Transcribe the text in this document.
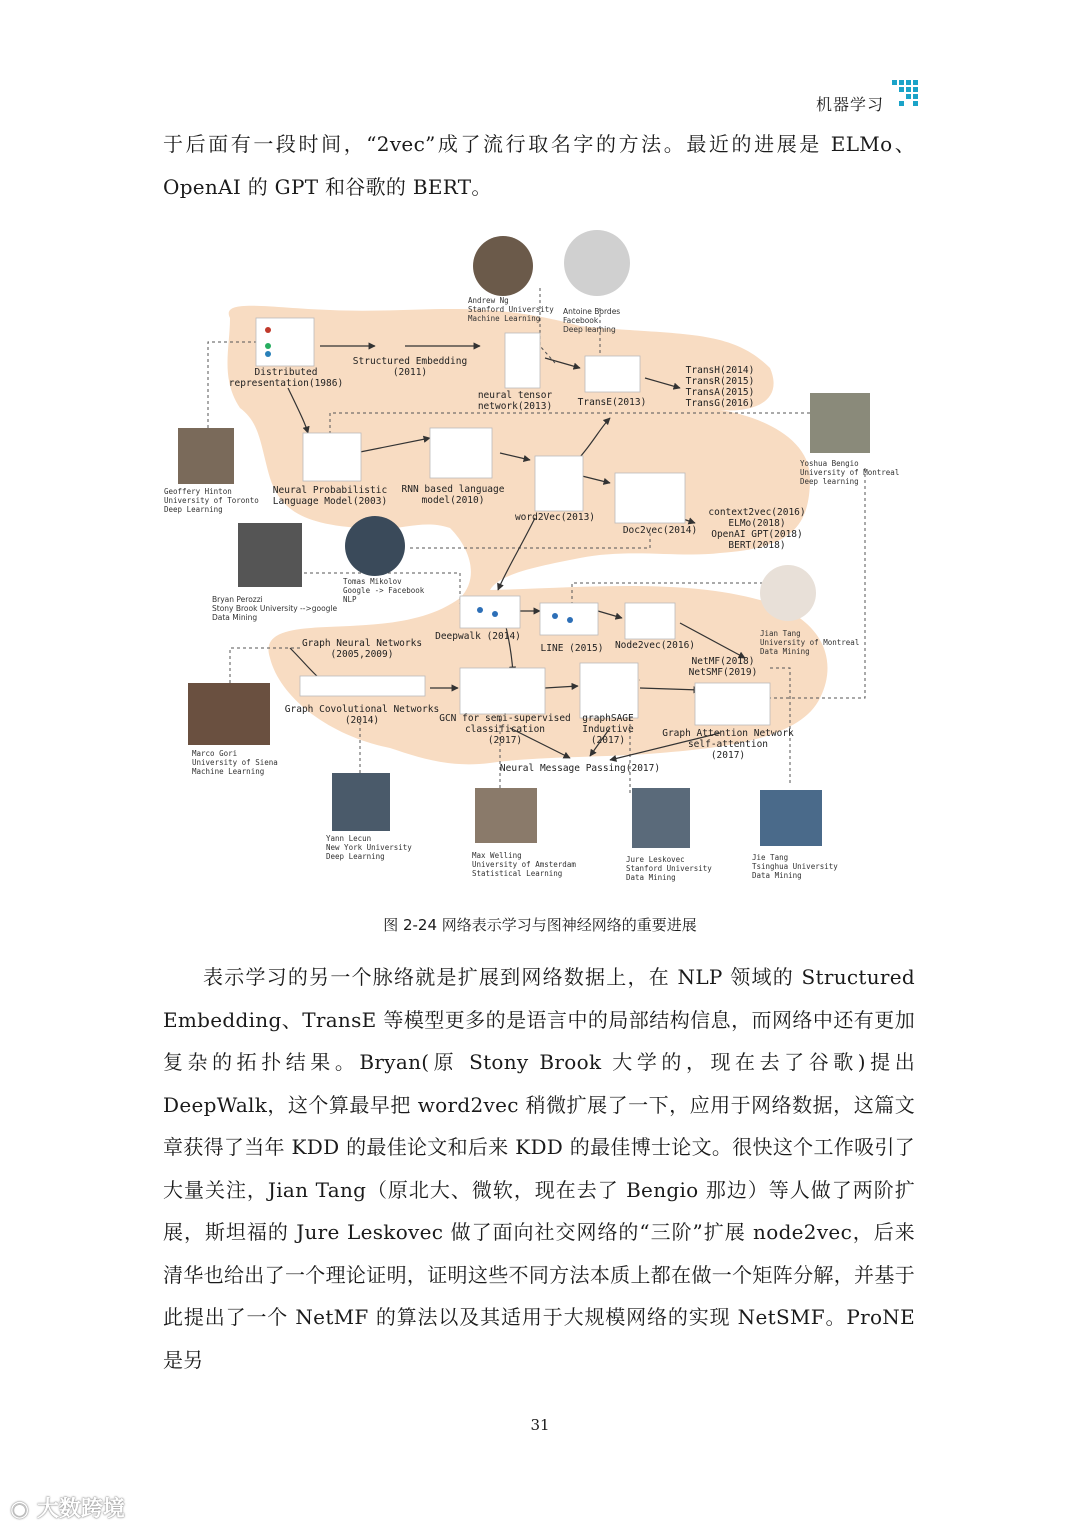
机器学习
于后面有一段时间，“2vec”成了流行取名字的方法。最近的进展是 ELMo、OpenAI 的 GPT 和谷歌的 BERT。
Distributed representation(1986)
Structured Embedding (2011)
neural tensor network(2013)	TransE(2013)
TransH(2014) TransR(2015) TransA(2015) TransG(2016)
Neural Probabilistic Language Model(2003)
RNN based language model(2010)
word2Vec(2013)
Doc2vec(2014)
context2vec(2016) ELMo(2018) OpenAI GPT(2018) BERT(2018)
Deepwalk (2014)
LINE (2015) Node2vec(2016)
NetMF(2018) NetSMF(2019)
Graph Neural Networks (2005,2009)
Graph Covolutional Networks (2014)	GCN for semi-supervised classification (2017)
graphSAGE Inductive (2017)
Graph Attention Network self-attention (2017)
Neural Message Passing(2017)
Andrew Ng Stanford University Machine Learning
Antoine Bordes Facebook Deep learning
Geoffery Hinton University of Toronto Deep Learning
Yoshua Bengio University of Montreal Deep learning
Bryan Perozzi Stony Brook University -->google Data Mining
Tomas Mikolov Google -> Facebook NLP
Jian Tang University of Montreal Data Mining
Marco Gori University of Siena Machine Learning
Yann Lecun New York University Deep Learning	Max Welling University of Amsterdam Statistical Learning
Jure Leskovec Stanford University Data Mining
Jie Tang Tsinghua University Data Mining
图 2-24 网络表示学习与图神经网络的重要进展
表示学习的另一个脉络就是扩展到网络数据上，在 NLP 领域的 Structured Embedding、TransE 等模型更多的是语言中的局部结构信息，而网络中还有更加复杂的拓扑结果。Bryan(原 Stony Brook 大学的，现在去了谷歌)提出 DeepWalk，这个算最早把 word2vec 稍微扩展了一下，应用于网络数据，这篇文章获得了当年 KDD 的最佳论文和后来 KDD 的最佳博士论文。很快这个工作吸引了大量关注，Jian Tang（原北大、微软，现在去了 Bengio 那边）等人做了两阶扩展，斯坦福的 Jure Leskovec 做了面向社交网络的“三阶”扩展 node2vec，后来清华也给出了一个理论证明，证明这些不同方法本质上都在做一个矩阵分解，并基于此提出了一个 NetMF 的算法以及其适用于大规模网络的实现 NetSMF。ProNE 是另
31
◉ 大数跨境
